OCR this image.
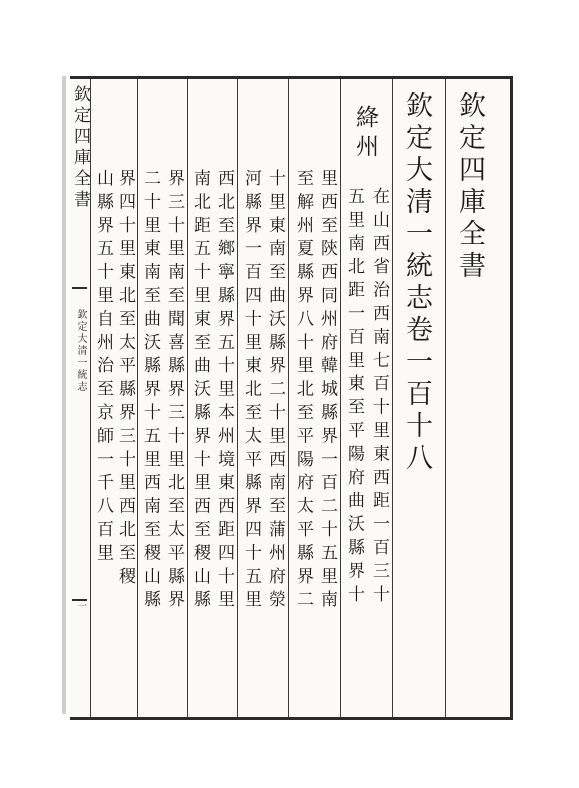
欽定四庫全書
欽定大清一統志
一
欽定四庫全書
欽定大清一統志卷一百十八
絳州
在山西省治西南七百十里東西距一百三十
五里南北距一百里東至平陽府曲沃縣界十
里西至陝西同州府韓城縣界一百二十五里南
至解州夏縣界八十里北至平陽府太平縣界二
十里東南至曲沃縣界二十里西南至蒲州府滎
河縣界一百四十里東北至太平縣界四十五里
西北至鄉寧縣界五十里本州境東西距四十里
南北距五十里東至曲沃縣界十里西至稷山縣
界三十里南至聞喜縣界三十里北至太平縣界
二十里東南至曲沃縣界十五里西南至稷山縣
界四十里東北至太平縣界三十里西北至稷
山縣界五十里自州治至京師一千八百里
